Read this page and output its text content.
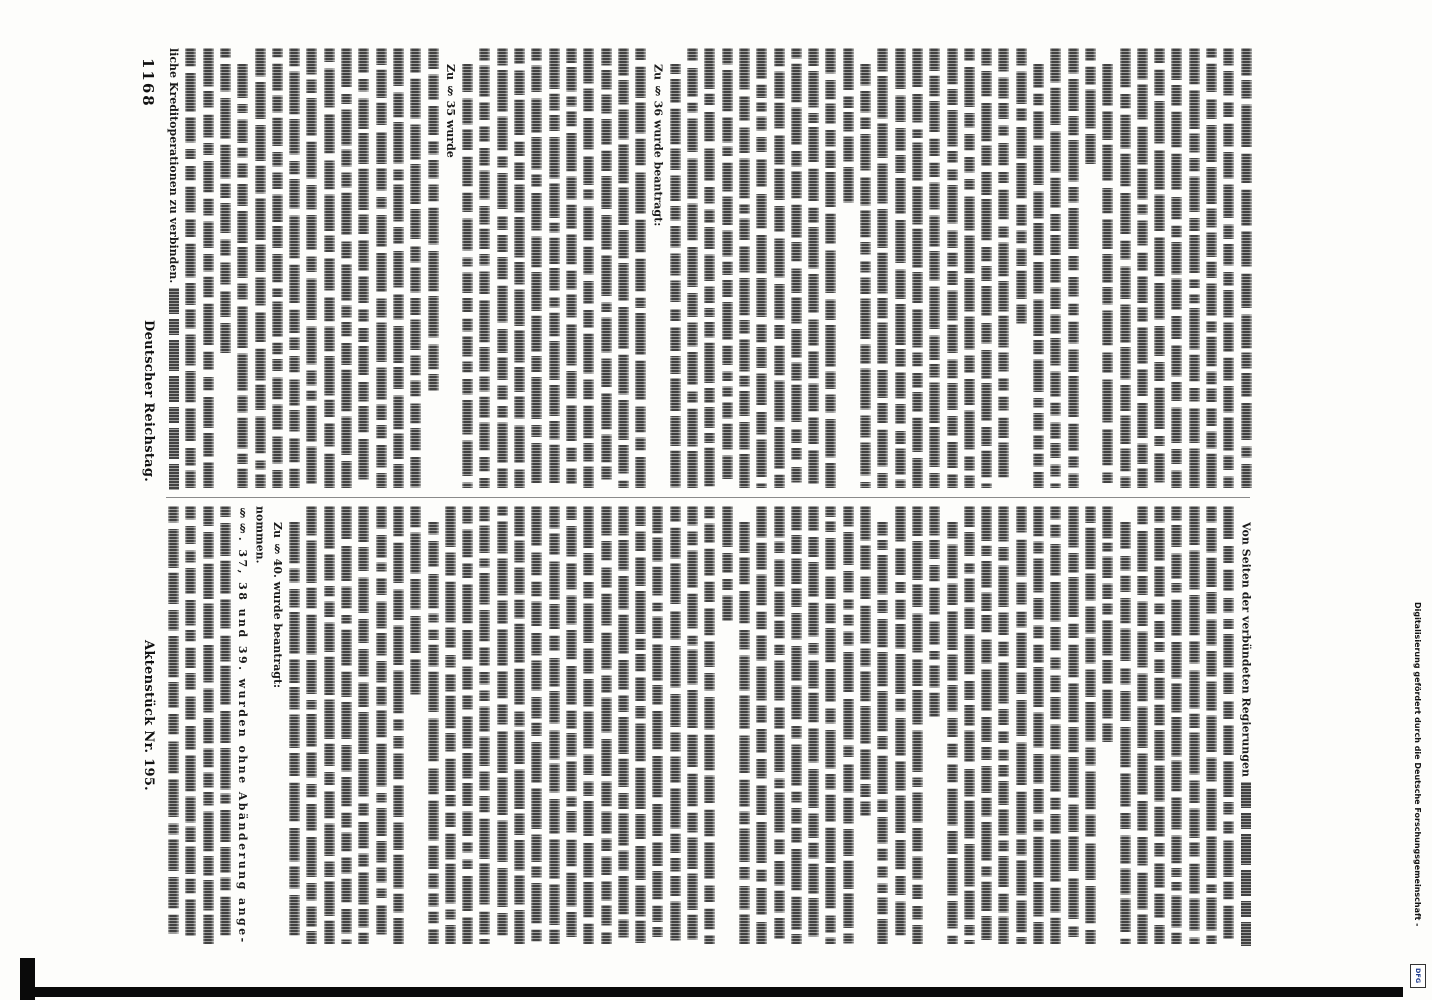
1168
Deutscher Reichstag.
Aktenstück Nr. 195.
liche Kreditoperationen zu verbinden.	Zu § 35 wurde	Zu § 36 wurde beantragt:
§§. 37, 38 und 39. wurden ohne Abänderung ange- nommen. Zu § 40. wurde beantragt:	Von Seiten der verbündeten Regierungen	Digitalisierung gefördert durch die Deutsche Forschungsgemeinschaft -
DFG
